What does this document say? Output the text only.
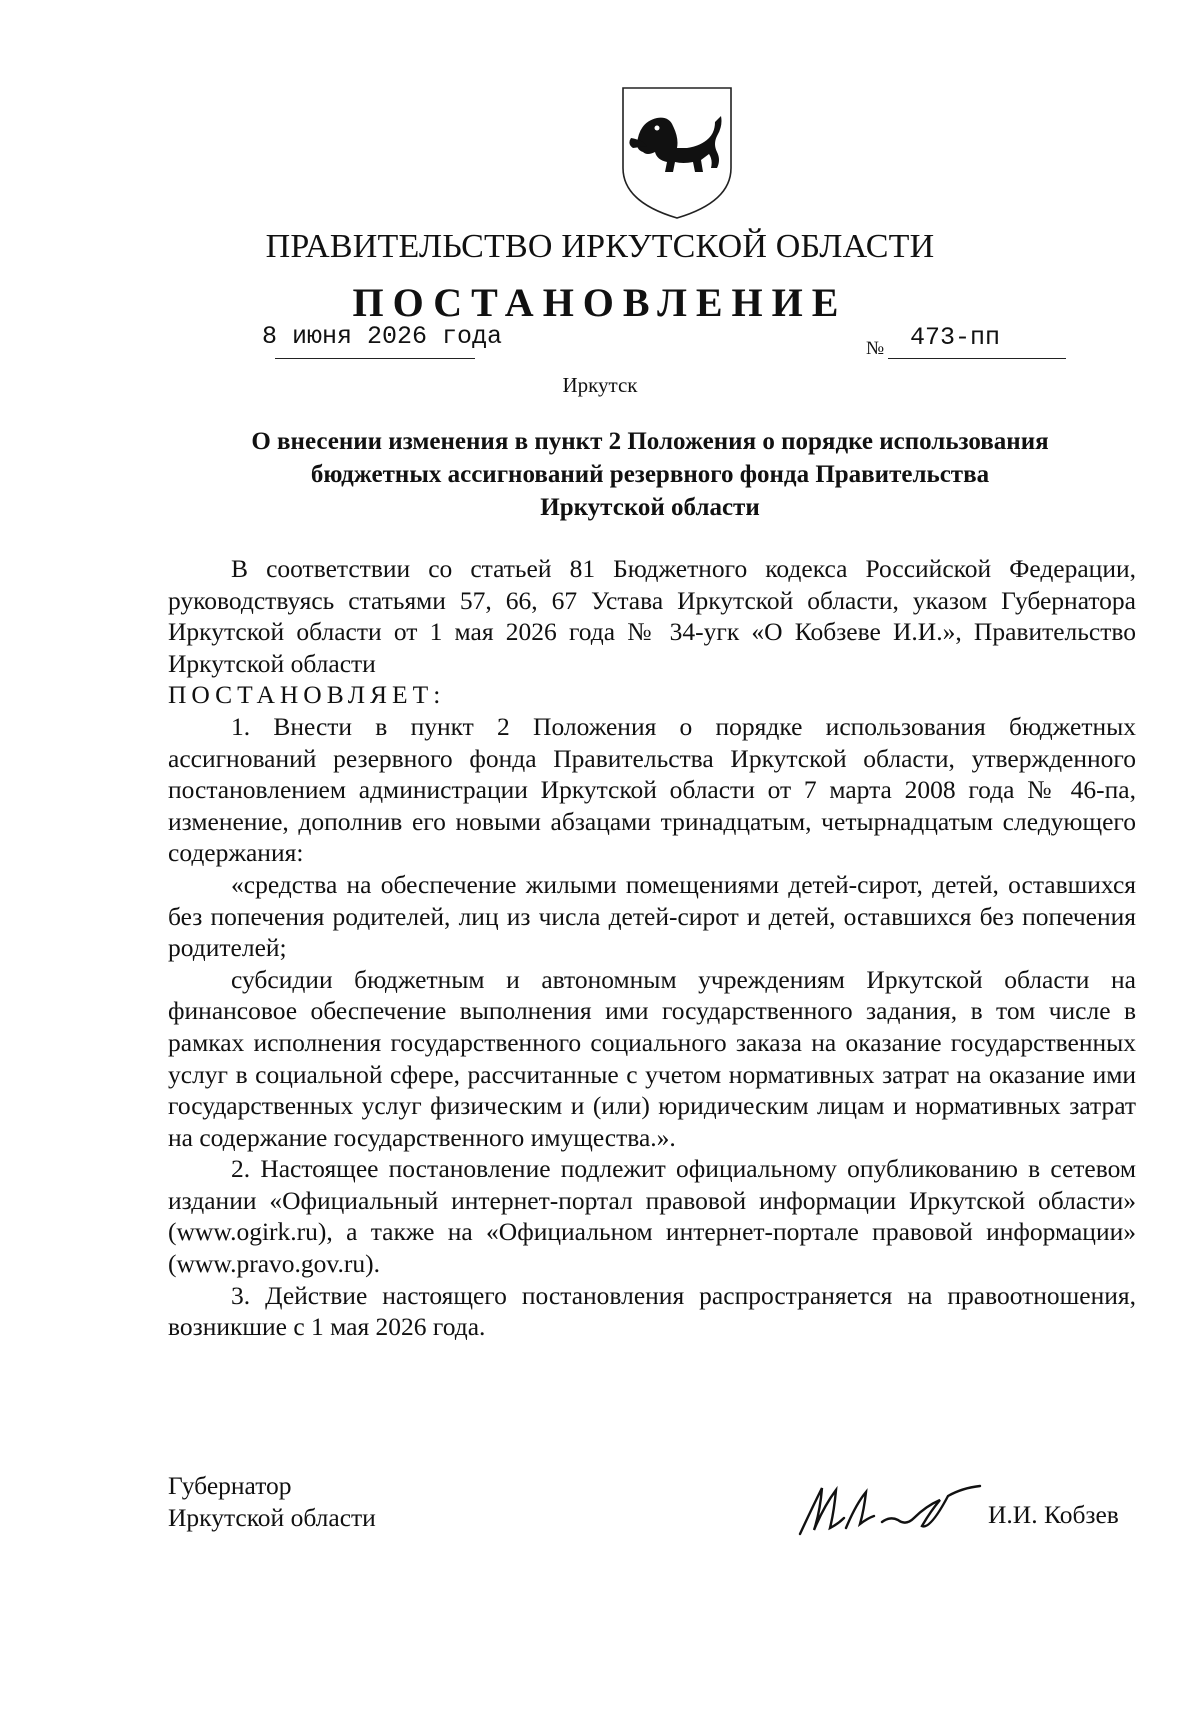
ПРАВИТЕЛЬСТВО ИРКУТСКОЙ ОБЛАСТИ
ПОСТАНОВЛЕНИЕ
8 июня 2026 года	№ 473-пп
Иркутск
О внесении изменения в пункт 2 Положения о порядке использования
бюджетных ассигнований резервного фонда Правительства
Иркутской области

В соответствии со статьей 81 Бюджетного кодекса Российской Федерации, руководствуясь статьями 57, 66, 67 Устава Иркутской области, указом Губернатора Иркутской области от 1 мая 2026 года № 34-угк «О Кобзеве И.И.», Правительство Иркутской области

ПОСТАНОВЛЯЕТ:

1. Внести в пункт 2 Положения о порядке использования бюджетных ассигнований резервного фонда Правительства Иркутской области, утвержденного постановлением администрации Иркутской области от 7 марта 2008 года № 46-па, изменение, дополнив его новыми абзацами тринадцатым, четырнадцатым следующего содержания:

«средства на обеспечение жилыми помещениями детей-сирот, детей, оставшихся без попечения родителей, лиц из числа детей-сирот и детей, оставшихся без попечения родителей;

субсидии бюджетным и автономным учреждениям Иркутской области на финансовое обеспечение выполнения ими государственного задания, в том числе в рамках исполнения государственного социального заказа на оказание государственных услуг в социальной сфере, рассчитанные с учетом нормативных затрат на оказание ими государственных услуг физическим и (или) юридическим лицам и нормативных затрат на содержание государственного имущества.».

2. Настоящее постановление подлежит официальному опубликованию в сетевом издании «Официальный интернет-портал правовой информации Иркутской области» (www.ogirk.ru), а также на «Официальном интернет-портале правовой информации» (www.pravo.gov.ru).

3. Действие настоящего постановления распространяется на правоотношения, возникшие с 1 мая 2026 года.

Губернатор
Иркутской области	И.И. Кобзев
